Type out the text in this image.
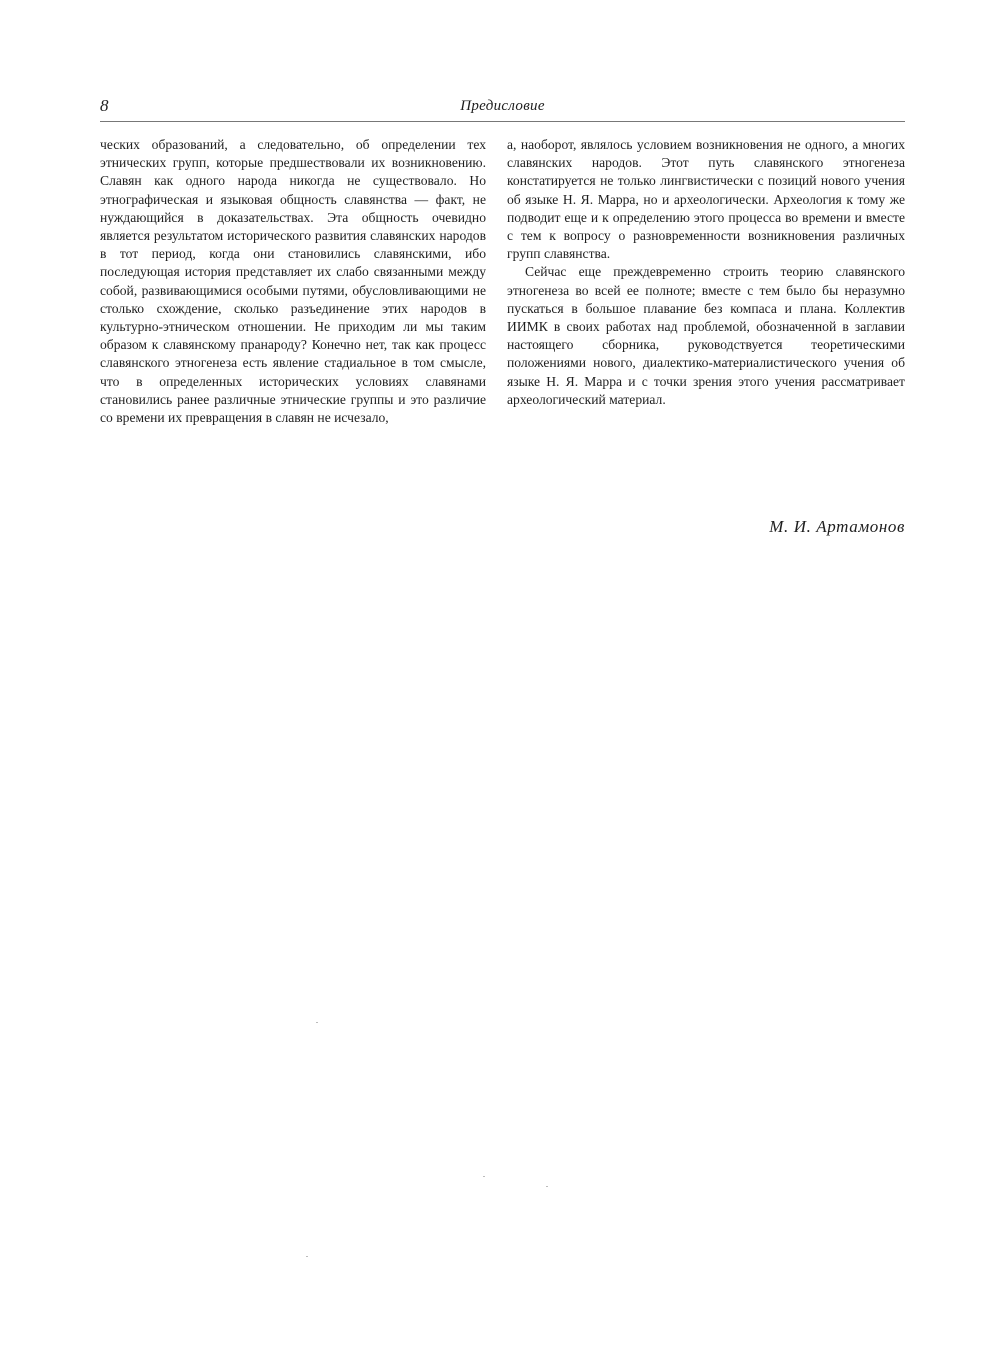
8	Предисловие

ческих образований, а следовательно, об определении тех этнических групп, которые предшествовали их возникновению. Славян как одного народа никогда не существовало. Но этнографическая и языковая общность славянства — факт, не нуждающийся в доказательствах. Эта общность очевидно является результатом исторического развития славянских народов в тот период, когда они становились славянскими, ибо последующая история представляет их слабо связанными между собой, развивающимися особыми путями, обусловливающими не столько схождение, сколько разъединение этих народов в культурно-этническом отношении. Не приходим ли мы таким образом к славянскому пранароду? Конечно нет, так как процесс славянского этногенеза есть явление стадиальное в том смысле, что в определенных исторических условиях славянами становились ранее различные этнические группы и это различие со времени их превращения в славян не исчезало,

а, наоборот, являлось условием возникновения не одного, а многих славянских народов. Этот путь славянского этногенеза констатируется не только лингвистически с позиций нового учения об языке Н. Я. Марра, но и археологически. Археология к тому же подводит еще и к определению этого процесса во времени и вместе с тем к вопросу о разновременности возникновения различных групп славянства.

Сейчас еще преждевременно строить теорию славянского этногенеза во всей ее полноте; вместе с тем было бы неразумно пускаться в большое плавание без компаса и плана. Коллектив ИИМК в своих работах над проблемой, обозначенной в заглавии настоящего сборника, руководствуется теоретическими положениями нового, диалектико-материалистического учения об языке Н. Я. Марра и с точки зрения этого учения рассматривает археологический материал.

М. И. Артамонов
